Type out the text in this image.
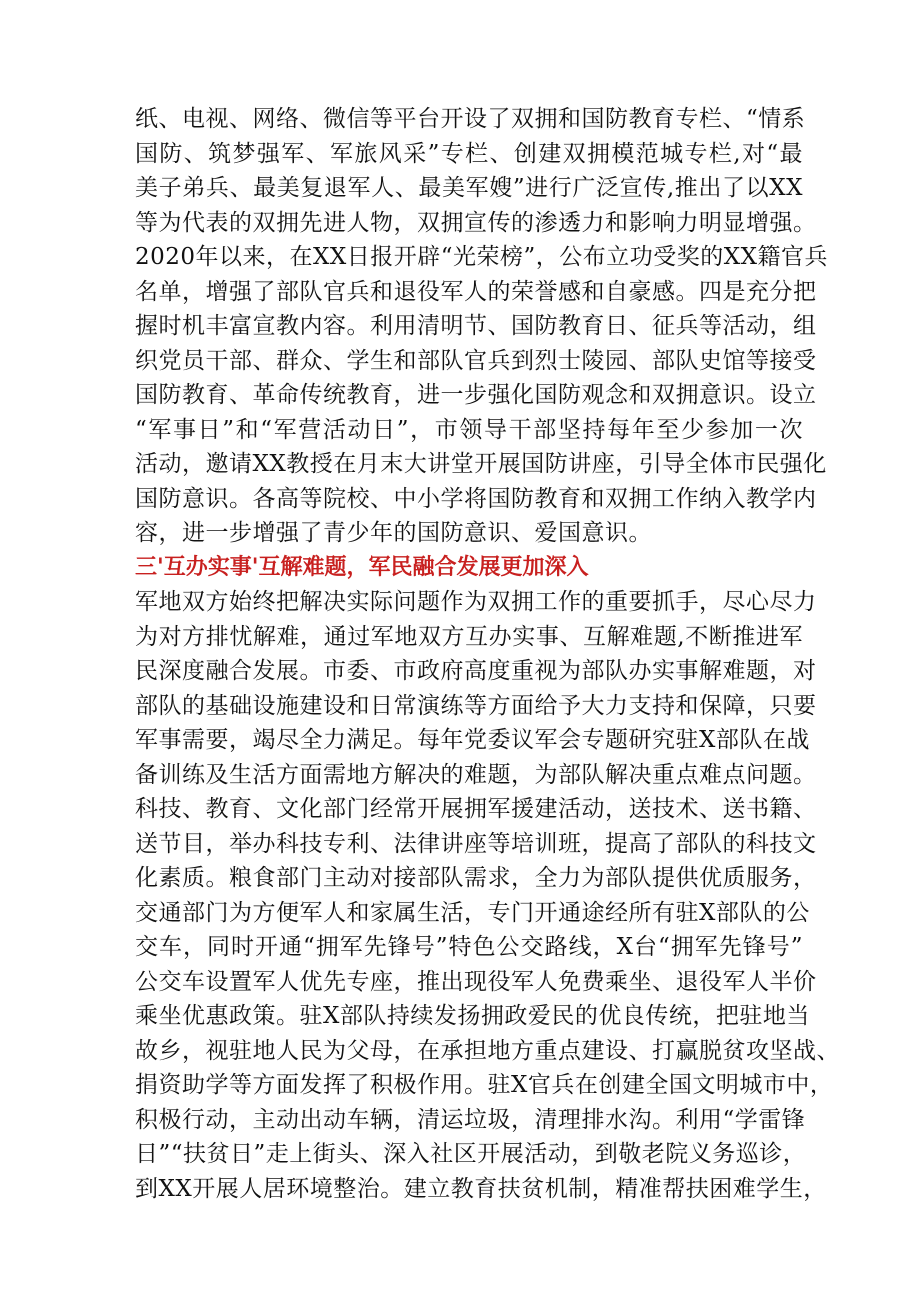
纸、电视、网络、微信等平台开设了双拥和国防教育专栏、“情系
国防、筑梦强军、军旅风采”专栏、创建双拥模范城专栏,对“最
美子弟兵、最美复退军人、最美军嫂”进行广泛宣传,推出了以XX
等为代表的双拥先进人物，双拥宣传的渗透力和影响力明显增强。
2020年以来，在XX日报开辟“光荣榜”，公布立功受奖的XX籍官兵
名单，增强了部队官兵和退役军人的荣誉感和自豪感。四是充分把
握时机丰富宣教内容。利用清明节、国防教育日、征兵等活动，组
织党员干部、群众、学生和部队官兵到烈士陵园、部队史馆等接受
国防教育、革命传统教育，进一步强化国防观念和双拥意识。设立
“军事日”和“军营活动日”，市领导干部坚持每年至少参加一次
活动，邀请XX教授在月末大讲堂开展国防讲座，引导全体市民强化
国防意识。各高等院校、中小学将国防教育和双拥工作纳入教学内
容，进一步增强了青少年的国防意识、爱国意识。
三'互办实事'互解难题，军民融合发展更加深入
军地双方始终把解决实际问题作为双拥工作的重要抓手，尽心尽力
为对方排忧解难，通过军地双方互办实事、互解难题,不断推进军
民深度融合发展。市委、市政府高度重视为部队办实事解难题，对
部队的基础设施建设和日常演练等方面给予大力支持和保障，只要
军事需要，竭尽全力满足。每年党委议军会专题研究驻X部队在战
备训练及生活方面需地方解决的难题，为部队解决重点难点问题。
科技、教育、文化部门经常开展拥军援建活动，送技术、送书籍、
送节目，举办科技专利、法律讲座等培训班，提高了部队的科技文
化素质。粮食部门主动对接部队需求，全力为部队提供优质服务，
交通部门为方便军人和家属生活，专门开通途经所有驻X部队的公
交车，同时开通“拥军先锋号”特色公交路线，X台“拥军先锋号”
公交车设置军人优先专座，推出现役军人免费乘坐、退役军人半价
乘坐优惠政策。驻X部队持续发扬拥政爱民的优良传统，把驻地当
故乡，视驻地人民为父母，在承担地方重点建设、打赢脱贫攻坚战、
捐资助学等方面发挥了积极作用。驻X官兵在创建全国文明城市中，
积极行动，主动出动车辆，清运垃圾，清理排水沟。利用“学雷锋
日”“扶贫日”走上街头、深入社区开展活动，到敬老院义务巡诊，
到XX开展人居环境整治。建立教育扶贫机制，精准帮扶困难学生，
